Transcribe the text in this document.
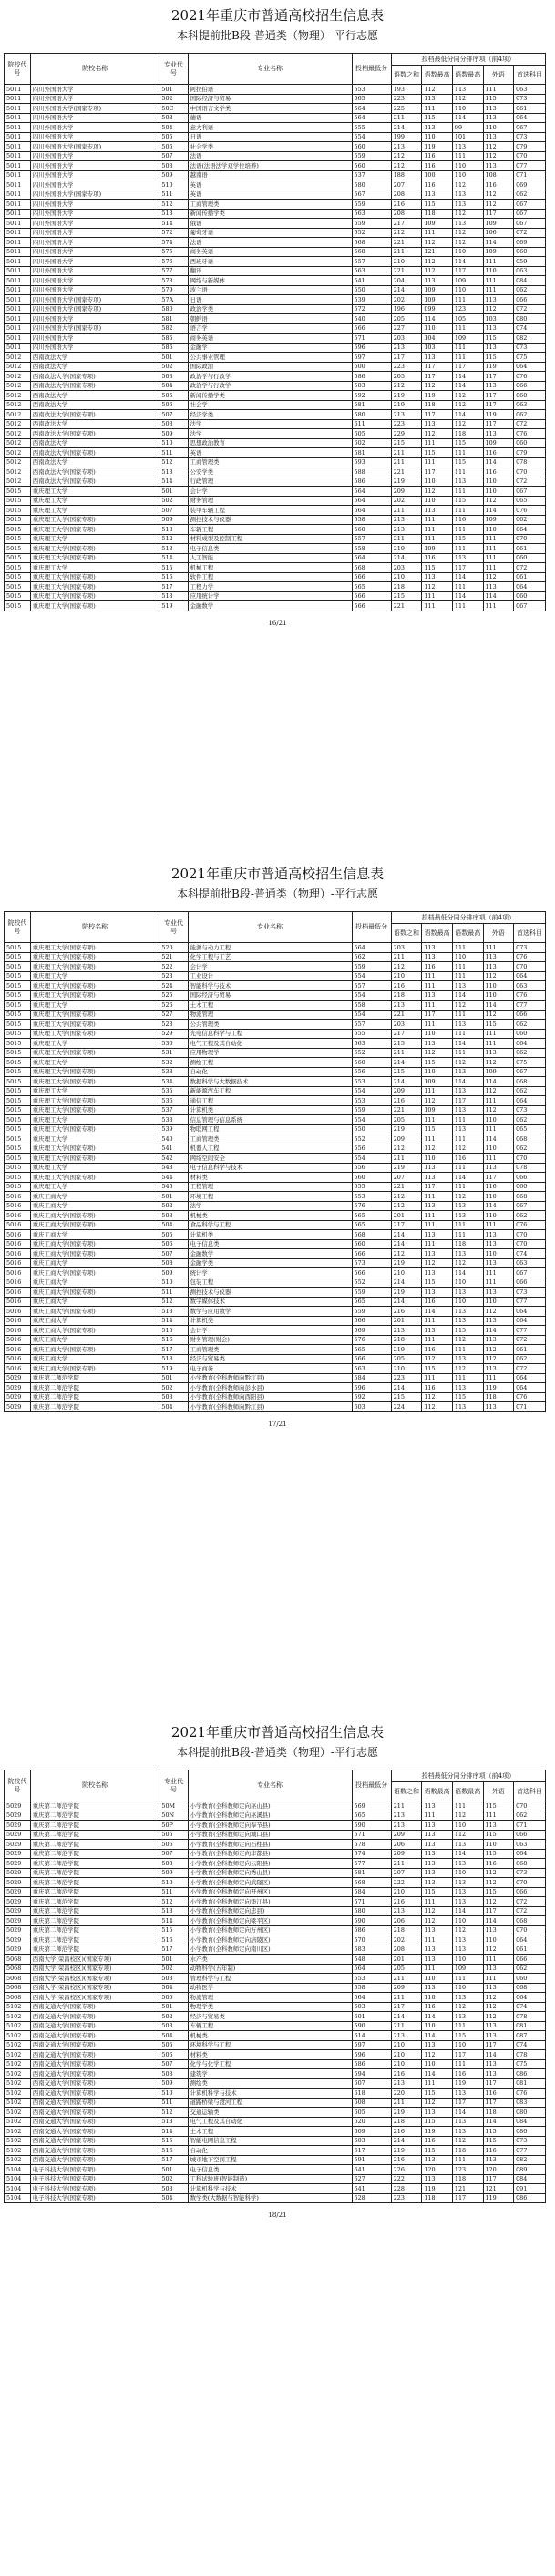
2021年重庆市普通高校招生信息表
本科提前批B段-普通类（物理）-平行志愿
院校代号	院校名称	专业代号	专业名称	投档最低分	投档最低分同分排序项（前4项）				
					语数之和	语数最高	语数最高	外语	首选科目
5011	四川外国语大学	501	阿拉伯语	553	193	112	113	111	063
5011	四川外国语大学	502	国际经济与贸易	565	223	113	112	115	073
5011	四川外国语大学(国家专项)	50C	中国语言文学类	564	225	111	110	113	061
5011	四川外国语大学	503	德语	564	211	115	114	113	064
5011	四川外国语大学	504	意大利语	555	214	113	99	110	067
5011	四川外国语大学	505	日语	554	199	110	101	113	073
5011	四川外国语大学(国家专项)	506	社会学类	560	213	119	113	112	079
5011	四川外国语大学	507	法语	559	212	116	111	112	070
5011	四川外国语大学	508	法语(法语法学双学位培养)	560	212	116	110	113	077
5011	四川外国语大学	509	越南语	537	188	100	110	108	071
5011	四川外国语大学	510	英语	580	207	116	112	116	069
5011	四川外国语大学(国家专项)	511	英语	567	208	113	113	112	062
5011	四川外国语大学	512	工商管理类	559	216	115	113	112	067
5011	四川外国语大学	513	新闻传播学类	563	208	118	112	117	067
5011	四川外国语大学	514	俄语	559	217	109	113	109	067
5011	四川外国语大学	572	葡萄牙语	552	212	111	112	106	072
5011	四川外国语大学	574	法语	568	221	112	112	114	069
5011	四川外国语大学	575	商务英语	568	211	121	110	109	060
5011	四川外国语大学	576	西班牙语	557	210	112	114	111	059
5011	四川外国语大学	577	翻译	563	221	112	117	110	063
5011	四川外国语大学	578	网络与新媒体	541	204	113	109	111	084
5011	四川外国语大学	579	波兰语	550	214	109	110	111	062
5011	四川外国语大学(国家专项)	57A	日语	539	202	109	111	113	066
5011	四川外国语大学(国家专项)	580	政治学类	572	196	099	123	112	072
5011	四川外国语大学	581	朝鲜语	540	205	114	105	103	080
5011	四川外国语大学(国家专项)	582	语言学	566	227	110	111	113	074
5011	四川外国语大学	585	商务英语	571	203	104	109	115	082
5011	四川外国语大学	586	金融学	596	213	103	111	113	073
5012	西南政法大学	501	公共事业管理	597	217	113	111	115	075
5012	西南政法大学	502	国际政治	600	223	117	117	119	064
5012	西南政法大学(国家专项)	503	政治学与行政学	586	205	117	114	117	076
5012	西南政法大学(国家专项)	504	政治学与行政学	583	212	112	114	113	066
5012	西南政法大学	505	新闻传播学类	592	219	119	112	117	060
5012	西南政法大学	506	社会学	581	219	118	112	117	063
5012	西南政法大学(国家专项)	507	经济学类	580	213	117	114	119	062
5012	西南政法大学	508	法学	611	223	113	112	117	072
5012	西南政法大学(国家专项)	509	法学	605	229	112	118	113	076
5012	西南政法大学	510	思想政治教育	602	215	111	115	109	060
5012	西南政法大学(国家专项)	511	英语	581	211	115	111	116	079
5012	西南政法大学	512	工商管理类	593	211	111	115	114	078
5012	西南政法大学(国家专项)	513	公安学类	588	221	117	111	116	070
5012	西南政法大学(国家专项)	514	行政管理	586	219	110	113	110	072
5015	重庆理工大学	501	会计学	564	209	112	111	110	067
5015	重庆理工大学	502	财务管理	564	202	110	115	112	065
5015	重庆理工大学	507	装甲车辆工程	564	211	113	111	114	076
5015	重庆理工大学(国家专项)	509	测控技术与仪器	558	213	111	116	109	062
5015	重庆理工大学(国家专项)	510	车辆工程	560	213	111	111	110	064
5015	重庆理工大学	512	材料成型及控制工程	557	211	111	115	111	070
5015	重庆理工大学(国家专项)	513	电子信息类	558	219	109	111	111	061
5015	重庆理工大学(国家专项)	514	人工智能	564	214	116	113	111	060
5015	重庆理工大学	515	机械工程	568	203	115	117	111	072
5015	重庆理工大学(国家专项)	516	软件工程	566	210	113	114	112	061
5015	重庆理工大学(国家专项)	517	工程力学	565	218	112	111	113	064
5015	重庆理工大学(国家专项)	518	应用统计学	566	215	111	114	114	060
5015	重庆理工大学(国家专项)	519	金融数学	566	221	111	111	111	067
16/21
2021年重庆市普通高校招生信息表
本科提前批B段-普通类（物理）-平行志愿
院校代号	院校名称	专业代号	专业名称	投档最低分	投档最低分同分排序项（前4项）				
					语数之和	语数最高	语数最高	外语	首选科目
5015	重庆理工大学(国家专项)	520	能源与动力工程	564	203	113	111	111	073
5015	重庆理工大学(国家专项)	521	化学工程与工艺	562	211	113	110	113	076
5015	重庆理工大学(国家专项)	522	会计学	559	212	116	111	113	070
5015	重庆理工大学	523	工业设计	554	210	111	111	112	064
5015	重庆理工大学(国家专项)	524	智能科学与技术	557	216	111	113	110	063
5015	重庆理工大学(国家专项)	525	国际经济与贸易	554	218	113	114	110	076
5015	重庆理工大学	526	土木工程	558	213	111	112	114	077
5015	重庆理工大学(国家专项)	527	物流管理	554	221	117	111	112	066
5015	重庆理工大学(国家专项)	528	公共管理类	557	203	111	113	115	062
5015	重庆理工大学(国家专项)	529	光电信息科学与工程	555	217	110	111	111	060
5015	重庆理工大学	530	电气工程及其自动化	563	215	113	114	111	064
5015	重庆理工大学(国家专项)	531	应用物理学	552	211	112	111	113	062
5015	重庆理工大学	532	测绘工程	560	214	115	112	112	075
5015	重庆理工大学(国家专项)	533	自动化	556	215	110	113	109	067
5015	重庆理工大学(国家专项)	534	数据科学与大数据技术	553	214	109	114	114	068
5015	重庆理工大学	535	新能源汽车工程	554	209	111	113	112	062
5015	重庆理工大学(国家专项)	536	通信工程	553	216	112	117	111	064
5015	重庆理工大学(国家专项)	537	计算机类	559	221	109	113	112	073
5015	重庆理工大学	538	信息管理与信息系统	554	205	111	111	110	062
5015	重庆理工大学(国家专项)	539	物联网工程	550	219	115	113	111	065
5015	重庆理工大学	540	工商管理类	552	209	111	111	114	068
5015	重庆理工大学(国家专项)	541	机器人工程	556	212	112	112	110	062
5015	重庆理工大学(国家专项)	542	网络空间安全	554	211	110	116	111	070
5015	重庆理工大学	543	电子信息科学与技术	556	219	113	111	113	078
5015	重庆理工大学(国家专项)	544	材料类	560	207	113	114	117	066
5015	重庆理工大学	545	工程管理	555	221	117	111	116	060
5016	重庆工商大学	501	环境工程	553	212	111	112	110	068
5016	重庆工商大学	502	法学	576	212	113	113	114	067
5016	重庆工商大学(国家专项)	503	机械类	565	201	111	113	110	062
5016	重庆工商大学(国家专项)	504	食品科学与工程	565	217	111	111	111	076
5016	重庆工商大学	505	计算机类	568	214	113	111	113	070
5016	重庆工商大学(国家专项)	506	电子信息类	560	214	111	118	113	070
5016	重庆工商大学(国家专项)	507	金融数学	566	212	113	113	110	074
5016	重庆工商大学	508	金融学类	573	219	112	112	113	063
5016	重庆工商大学(国家专项)	509	统计学	566	210	113	114	111	067
5016	重庆工商大学	510	包装工程	552	214	115	110	111	066
5016	重庆工商大学(国家专项)	511	测控技术与仪器	559	219	113	113	113	073
5016	重庆工商大学	512	数字媒体技术	565	214	116	110	110	077
5016	重庆工商大学(国家专项)	513	数学与应用数学	559	216	114	113	112	064
5016	重庆工商大学	514	计算机类	566	201	111	113	113	064
5016	重庆工商大学(国家专项)	515	会计学	569	213	113	115	114	077
5016	重庆工商大学	516	财务管理(财会)	576	218	111	112	113	072
5016	重庆工商大学(国家专项)	517	工商管理类	565	219	116	111	112	061
5016	重庆工商大学	518	经济与贸易类	566	205	112	113	112	062
5016	重庆工商大学(国家专项)	519	电子商务	563	210	115	112	113	072
5029	重庆第二师范学院	501	小学教育(全科教师向黔江县)	584	223	111	111	111	064
5029	重庆第二师范学院	502	小学教育(全科教师向彭水县)	596	214	116	113	119	064
5029	重庆第二师范学院	503	小学教育(全科教师向酉阳县)	592	215	112	115	118	076
5029	重庆第二师范学院	504	小学教育(全科教师向黔江县)	603	224	112	113	113	071
17/21
2021年重庆市普通高校招生信息表
本科提前批B段-普通类（物理）-平行志愿
院校代号	院校名称	专业代号	专业名称	投档最低分	投档最低分同分排序项（前4项）				
					语数之和	语数最高	语数最高	外语	首选科目
5029	重庆第二师范学院	50M	小学教育(全科教师定向巫山县)	569	211	113	111	115	070
5029	重庆第二师范学院	50N	小学教育(全科教师定向巫溪县)	565	213	111	112	111	062
5029	重庆第二师范学院	50P	小学教育(全科教师定向奉节县)	590	213	113	110	113	071
5029	重庆第二师范学院	505	小学教育(全科教师定向城口县)	571	209	113	112	115	066
5029	重庆第二师范学院	506	小学教育(全科教师定向石柱县)	578	206	113	113	110	063
5029	重庆第二师范学院	507	小学教育(全科教师定向丰都县)	574	209	113	114	115	064
5029	重庆第二师范学院	508	小学教育(全科教师定向云阳县)	577	211	113	113	116	068
5029	重庆第二师范学院	509	小学教育(全科教师定向秀山县)	581	207	113	110	112	073
5029	重庆第二师范学院	510	小学教育(全科教师定向武隆区)	568	222	113	113	112	070
5029	重庆第二师范学院	511	小学教育(全科教师定向开州区)	584	210	115	113	115	066
5029	重庆第二师范学院	512	小学教育(全科教师定向垫江县)	571	216	111	113	112	072
5029	重庆第二师范学院	513	小学教育(全科教师定向忠县)	580	213	112	114	117	072
5029	重庆第二师范学院	514	小学教育(全科教师定向梁平区)	590	206	112	110	114	068
5029	重庆第二师范学院	515	小学教育(全科教师定向万州区)	586	218	113	112	113	070
5029	重庆第二师范学院	516	小学教育(全科教师定向涪陵区)	570	202	111	113	110	064
5029	重庆第二师范学院	517	小学教育(全科教师定向南川区)	583	208	113	113	112	061
5068	西南大学(荣昌校区)(国家专项)	501	水产类	548	201	113	110	111	066
5068	西南大学(荣昌校区)(国家专项)	502	动物科学(五年制)	564	205	111	109	113	062
5068	西南大学(荣昌校区)(国家专项)	503	管理科学与工程	553	211	110	111	111	060
5068	西南大学(荣昌校区)(国家专项)	504	动物医学	558	209	113	110	113	068
5068	西南大学(荣昌校区)(国家专项)	505	物流管理	564	211	110	113	112	064
5102	西南交通大学(国家专项)	501	物理学类	603	217	116	112	112	074
5102	西南交通大学(国家专项)	502	经济与贸易类	601	214	114	113	112	078
5102	西南交通大学(国家专项)	503	车辆工程	590	211	110	111	113	081
5102	西南交通大学(国家专项)	504	机械类	614	213	114	115	113	087
5102	西南交通大学(国家专项)	505	环境科学与工程	597	210	113	110	117	074
5102	西南交通大学(国家专项)	506	材料类	596	210	112	117	114	078
5102	西南交通大学(国家专项)	507	化学与化学工程	586	210	110	111	113	075
5102	西南交通大学(国家专项)	508	建筑学	594	216	114	116	113	086
5102	西南交通大学(国家专项)	509	测绘类	607	213	111	119	117	081
5102	西南交通大学(国家专项)	510	计算机科学与技术	618	220	115	113	116	076
5102	西南交通大学(国家专项)	511	道路桥梁与渡河工程	608	211	112	117	117	083
5102	西南交通大学(国家专项)	512	交通运输类	605	219	113	114	118	080
5102	西南交通大学(国家专项)	513	电气工程及其自动化	620	218	115	113	114	084
5102	西南交通大学(国家专项)	514	土木工程	609	216	119	113	115	080
5102	西南交通大学(国家专项)	515	智能电网信息工程	603	214	116	112	115	073
5102	西南交通大学(国家专项)	516	自动化	617	219	115	118	116	077
5102	西南交通大学(国家专项)	517	城市地下空间工程	591	216	113	111	113	082
5104	电子科技大学(国家专项)	501	电子信息类	641	226	120	123	120	089
5104	电子科技大学(国家专项)	502	工科试验班(智能制造)	627	222	113	118	117	084
5104	电子科技大学(国家专项)	503	计算机科学与技术	641	228	119	121	121	091
5104	电子科技大学(国家专项)	504	数学类(大数据与智能科学)	628	223	118	117	119	086
18/21
